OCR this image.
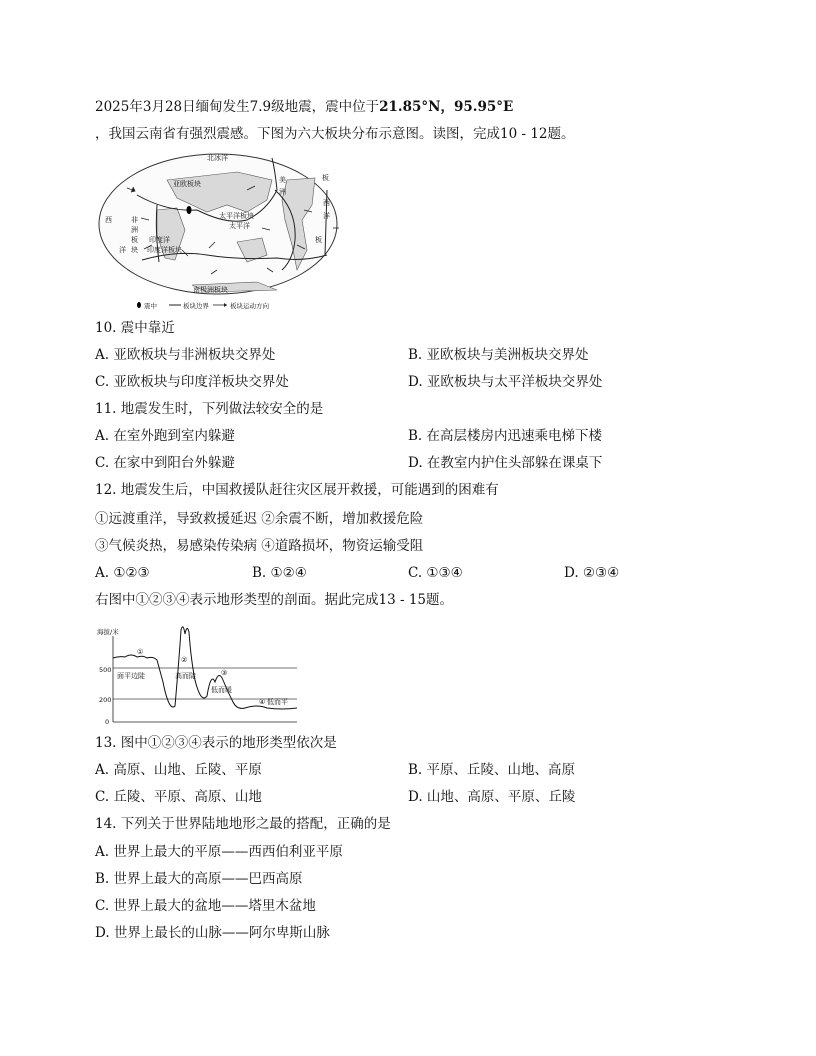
2025年3月28日缅甸发生7.9级地震，震中位于21.85°N，95.95°E
，我国云南省有强烈震感。下图为六大板块分布示意图。读图，完成10 - 12题。
北冰洋
亚欧板块	美
洲
板
西
洋
非
洲
板
块
印度洋
印度洋板块
太平洋板块
太平洋
西
洋
板
南极洲板块
震中	板块边界	板块运动方向
10. 震中靠近
A. 亚欧板块与非洲板块交界处	B. 亚欧板块与美洲板块交界处
C. 亚欧板块与印度洋板块交界处	D. 亚欧板块与太平洋板块交界处
11. 地震发生时，下列做法较安全的是
A. 在室外跑到室内躲避	B. 在高层楼房内迅速乘电梯下楼
C. 在家中到阳台外躲避	D. 在教室内护住头部躲在课桌下
12. 地震发生后，中国救援队赶往灾区展开救援，可能遇到的困难有
①远渡重洋，导致救援延迟 ②余震不断，增加救援危险
③气候炎热，易感染传染病 ④道路损坏，物资运输受阻
A. ①②③	B. ①②④	C. ①③④	D. ②③④
右图中①②③④表示地形类型的剖面。据此完成13 - 15题。
海拔/米
500
200
0
①
②
③
④
面平边陡	高而陡
低而缓
低而平
13. 图中①②③④表示的地形类型依次是
A. 高原、山地、丘陵、平原	B. 平原、丘陵、山地、高原
C. 丘陵、平原、高原、山地	D. 山地、高原、平原、丘陵
14. 下列关于世界陆地地形之最的搭配，正确的是
A. 世界上最大的平原——西西伯利亚平原
B. 世界上最大的高原——巴西高原
C. 世界上最大的盆地——塔里木盆地
D. 世界上最长的山脉——阿尔卑斯山脉
